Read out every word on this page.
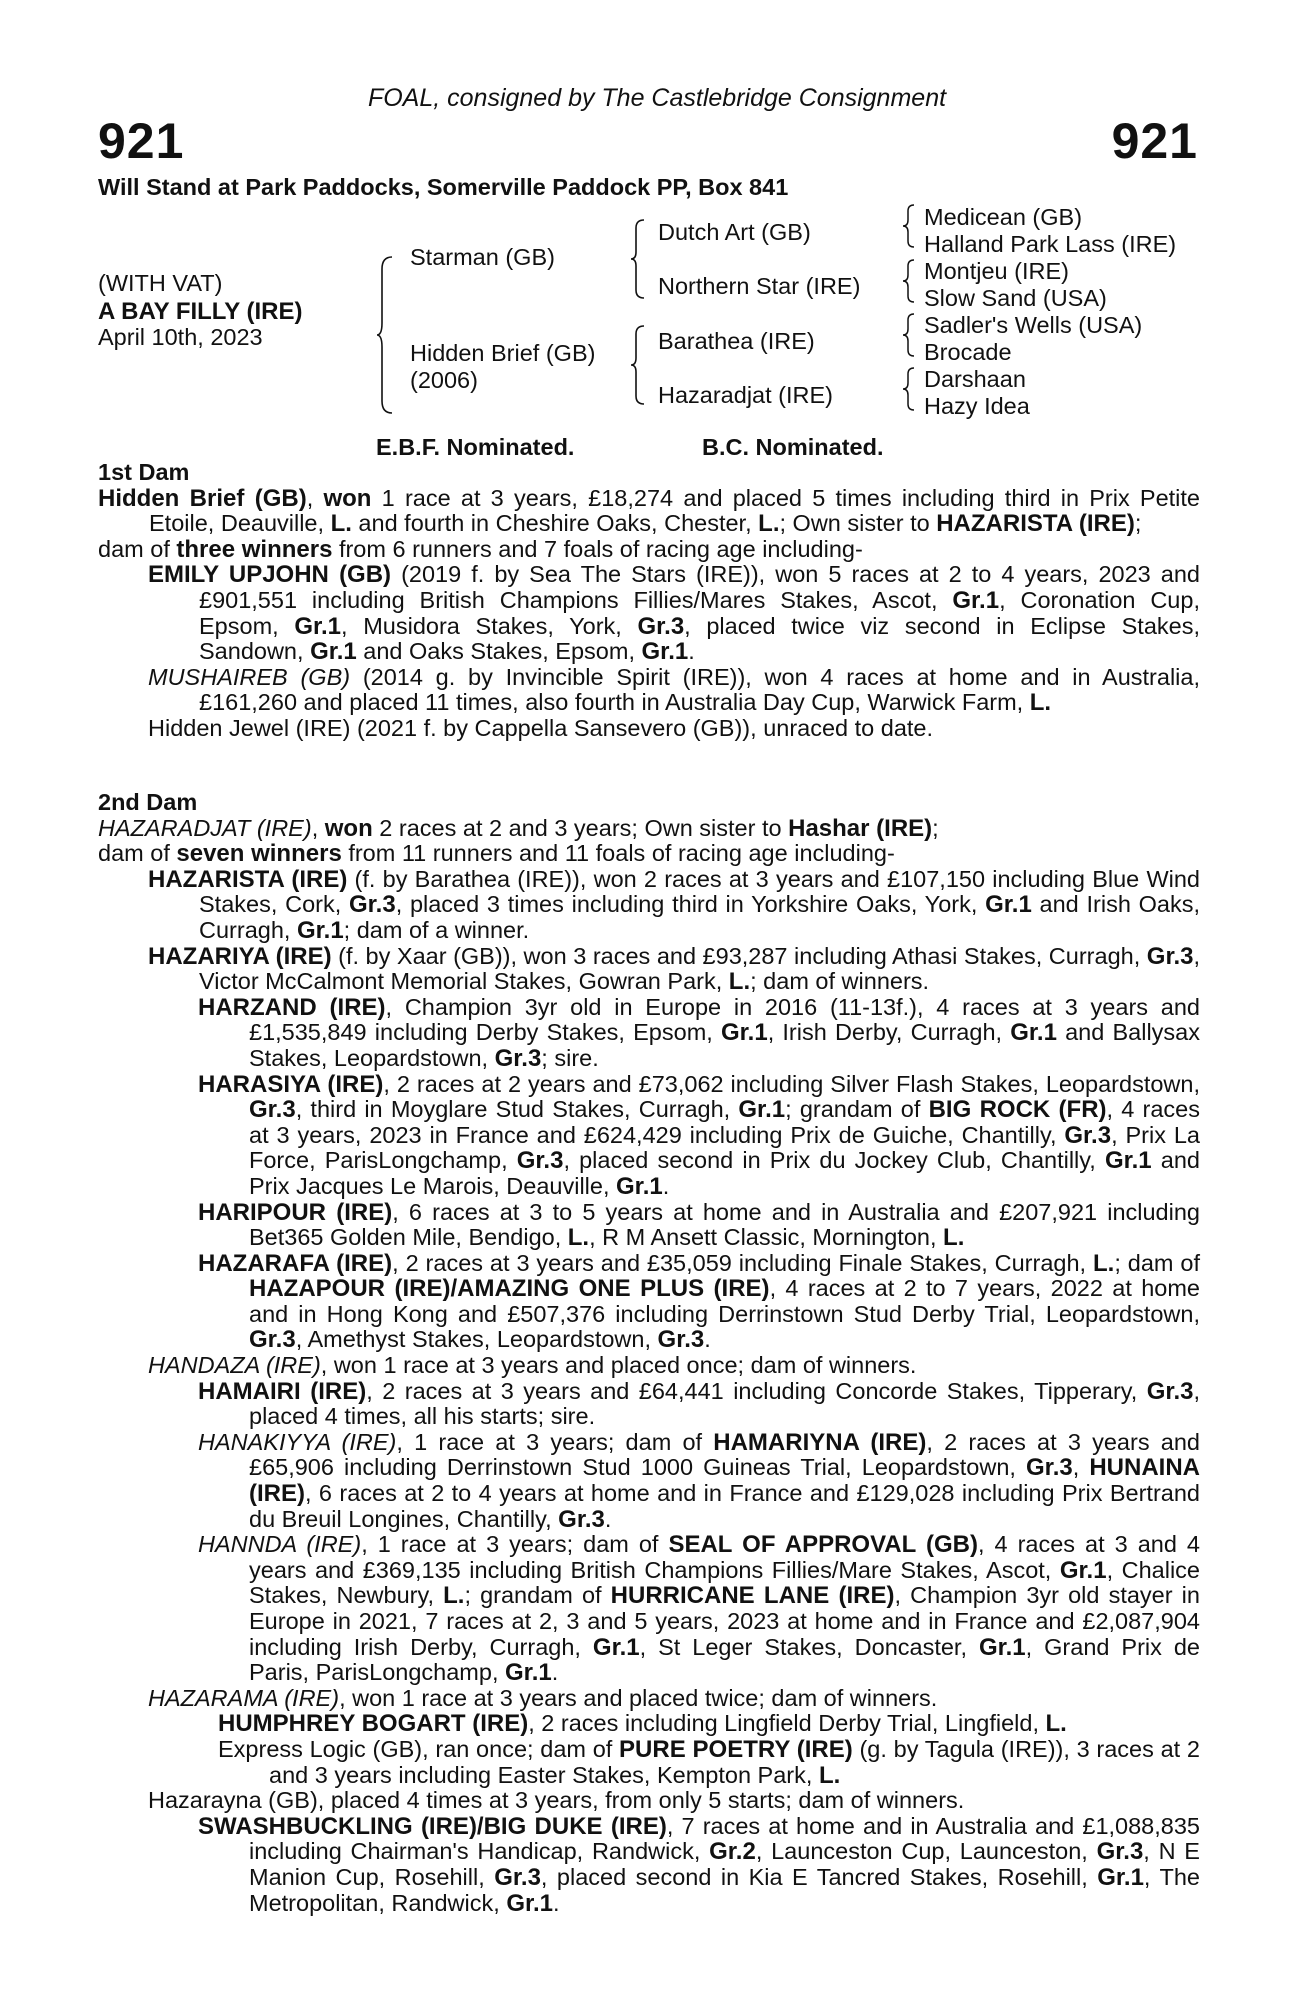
FOAL, consigned by The Castlebridge Consignment
921	921
Will Stand at Park Paddocks, Somerville Paddock PP, Box 841
(WITH VAT)
A BAY FILLY (IRE)
April 10th, 2023
Starman (GB)
Hidden Brief (GB)
(2006)
Dutch Art (GB)
Northern Star (IRE)
Barathea (IRE)
Hazaradjat (IRE)
Medicean (GB)
Halland Park Lass (IRE)
Montjeu (IRE)
Slow Sand (USA)
Sadler's Wells (USA)
Brocade
Darshaan
Hazy Idea
E.B.F. Nominated.	B.C. Nominated.
1st Dam

Hidden Brief (GB), won 1 race at 3 years, £18,274 and placed 5 times including third in Prix Petite Etoile, Deauville, L. and fourth in Cheshire Oaks, Chester, L.; Own sister to HAZARISTA (IRE);

dam of three winners from 6 runners and 7 foals of racing age including-

EMILY UPJOHN (GB) (2019 f. by Sea The Stars (IRE)), won 5 races at 2 to 4 years, 2023 and £901,551 including British Champions Fillies/Mares Stakes, Ascot, Gr.1, Coronation Cup, Epsom, Gr.1, Musidora Stakes, York, Gr.3, placed twice viz second in Eclipse Stakes, Sandown, Gr.1 and Oaks Stakes, Epsom, Gr.1.

MUSHAIREB (GB) (2014 g. by Invincible Spirit (IRE)), won 4 races at home and in Australia, £161,260 and placed 11 times, also fourth in Australia Day Cup, Warwick Farm, L.

Hidden Jewel (IRE) (2021 f. by Cappella Sansevero (GB)), unraced to date.

2nd Dam

HAZARADJAT (IRE), won 2 races at 2 and 3 years; Own sister to Hashar (IRE);

dam of seven winners from 11 runners and 11 foals of racing age including-

HAZARISTA (IRE) (f. by Barathea (IRE)), won 2 races at 3 years and £107,150 including Blue Wind Stakes, Cork, Gr.3, placed 3 times including third in Yorkshire Oaks, York, Gr.1 and Irish Oaks, Curragh, Gr.1; dam of a winner.

HAZARIYA (IRE) (f. by Xaar (GB)), won 3 races and £93,287 including Athasi Stakes, Curragh, Gr.3, Victor McCalmont Memorial Stakes, Gowran Park, L.; dam of winners.

HARZAND (IRE), Champion 3yr old in Europe in 2016 (11-13f.), 4 races at 3 years and £1,535,849 including Derby Stakes, Epsom, Gr.1, Irish Derby, Curragh, Gr.1 and Ballysax Stakes, Leopardstown, Gr.3; sire.

HARASIYA (IRE), 2 races at 2 years and £73,062 including Silver Flash Stakes, Leopardstown, Gr.3, third in Moyglare Stud Stakes, Curragh, Gr.1; grandam of BIG ROCK (FR), 4 races at 3 years, 2023 in France and £624,429 including Prix de Guiche, Chantilly, Gr.3, Prix La Force, ParisLongchamp, Gr.3, placed second in Prix du Jockey Club, Chantilly, Gr.1 and Prix Jacques Le Marois, Deauville, Gr.1.

HARIPOUR (IRE), 6 races at 3 to 5 years at home and in Australia and £207,921 including Bet365 Golden Mile, Bendigo, L., R M Ansett Classic, Mornington, L.

HAZARAFA (IRE), 2 races at 3 years and £35,059 including Finale Stakes, Curragh, L.; dam of HAZAPOUR (IRE)/AMAZING ONE PLUS (IRE), 4 races at 2 to 7 years, 2022 at home and in Hong Kong and £507,376 including Derrinstown Stud Derby Trial, Leopardstown, Gr.3, Amethyst Stakes, Leopardstown, Gr.3.

HANDAZA (IRE), won 1 race at 3 years and placed once; dam of winners.

HAMAIRI (IRE), 2 races at 3 years and £64,441 including Concorde Stakes, Tipperary, Gr.3, placed 4 times, all his starts; sire.

HANAKIYYA (IRE), 1 race at 3 years; dam of HAMARIYNA (IRE), 2 races at 3 years and £65,906 including Derrinstown Stud 1000 Guineas Trial, Leopardstown, Gr.3, HUNAINA (IRE), 6 races at 2 to 4 years at home and in France and £129,028 including Prix Bertrand du Breuil Longines, Chantilly, Gr.3.

HANNDA (IRE), 1 race at 3 years; dam of SEAL OF APPROVAL (GB), 4 races at 3 and 4 years and £369,135 including British Champions Fillies/Mare Stakes, Ascot, Gr.1, Chalice Stakes, Newbury, L.; grandam of HURRICANE LANE (IRE), Champion 3yr old stayer in Europe in 2021, 7 races at 2, 3 and 5 years, 2023 at home and in France and £2,087,904 including Irish Derby, Curragh, Gr.1, St Leger Stakes, Doncaster, Gr.1, Grand Prix de Paris, ParisLongchamp, Gr.1.

HAZARAMA (IRE), won 1 race at 3 years and placed twice; dam of winners.

HUMPHREY BOGART (IRE), 2 races including Lingfield Derby Trial, Lingfield, L.

Express Logic (GB), ran once; dam of PURE POETRY (IRE) (g. by Tagula (IRE)), 3 races at 2 and 3 years including Easter Stakes, Kempton Park, L.

Hazarayna (GB), placed 4 times at 3 years, from only 5 starts; dam of winners.

SWASHBUCKLING (IRE)/BIG DUKE (IRE), 7 races at home and in Australia and £1,088,835 including Chairman's Handicap, Randwick, Gr.2, Launceston Cup, Launceston, Gr.3, N E Manion Cup, Rosehill, Gr.3, placed second in Kia E Tancred Stakes, Rosehill, Gr.1, The Metropolitan, Randwick, Gr.1.
